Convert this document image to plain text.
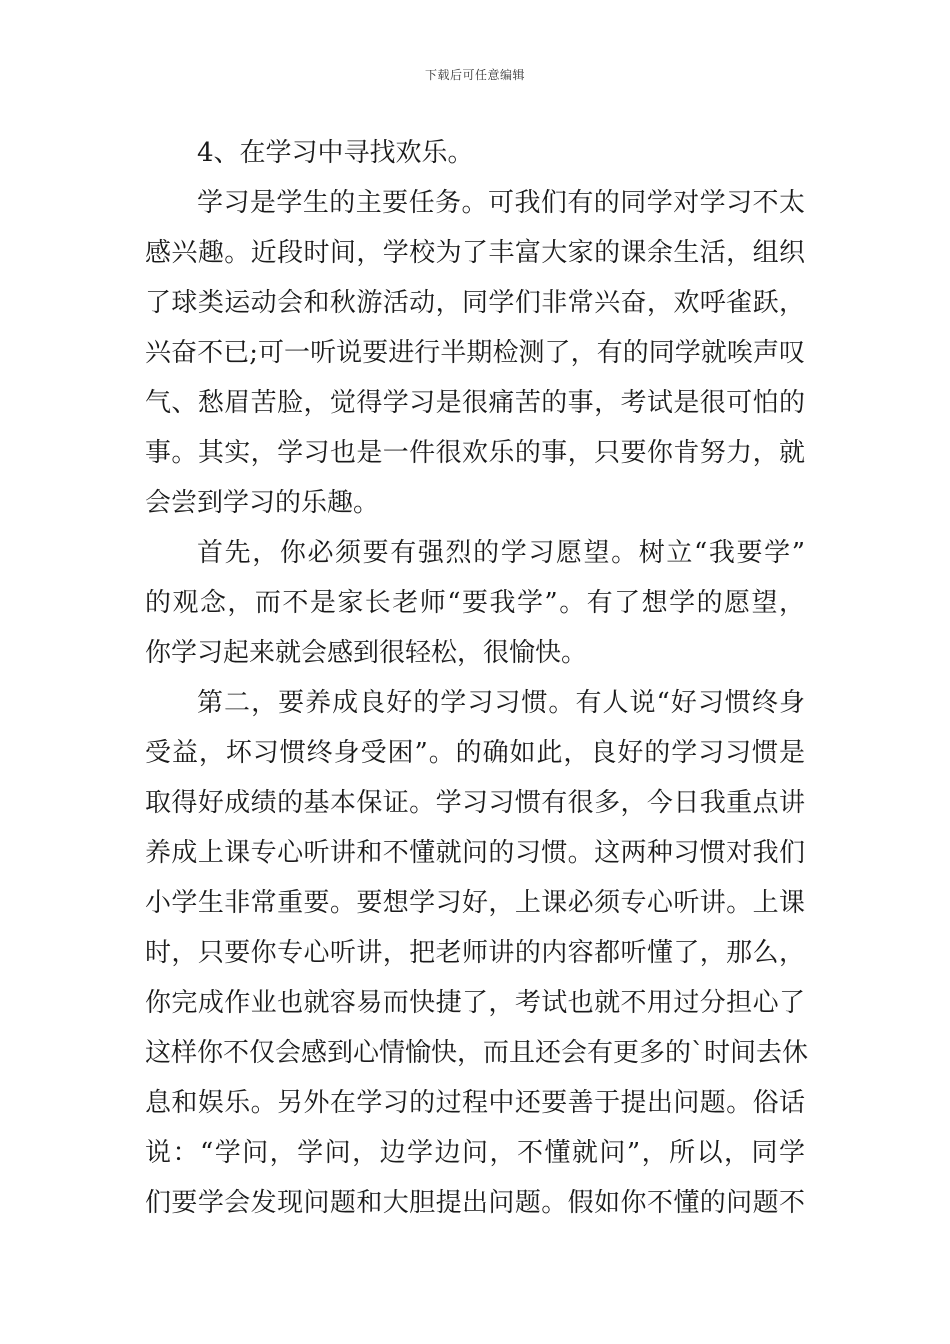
下载后可任意编辑
4、在学习中寻找欢乐。
学习是学生的主要任务。可我们有的同学对学习不太
感兴趣。近段时间，学校为了丰富大家的课余生活，组织
了球类运动会和秋游活动，同学们非常兴奋，欢呼雀跃，
兴奋不已;可一听说要进行半期检测了，有的同学就唉声叹
气、愁眉苦脸，觉得学习是很痛苦的事，考试是很可怕的
事。其实，学习也是一件很欢乐的事，只要你肯努力，就
会尝到学习的乐趣。
首先，你必须要有强烈的学习愿望。树立“我要学”
的观念，而不是家长老师“要我学”。有了想学的愿望，
你学习起来就会感到很轻松，很愉快。
第二，要养成良好的学习习惯。有人说“好习惯终身
受益，坏习惯终身受困”。的确如此，良好的学习习惯是
取得好成绩的基本保证。学习习惯有很多，今日我重点讲
养成上课专心听讲和不懂就问的习惯。这两种习惯对我们
小学生非常重要。要想学习好，上课必须专心听讲。上课
时，只要你专心听讲，把老师讲的内容都听懂了，那么，
你完成作业也就容易而快捷了，考试也就不用过分担心了
这样你不仅会感到心情愉快，而且还会有更多的`时间去休
息和娱乐。另外在学习的过程中还要善于提出问题。俗话
说：“学问，学问，边学边问，不懂就问”，所以，同学
们要学会发现问题和大胆提出问题。假如你不懂的问题不
